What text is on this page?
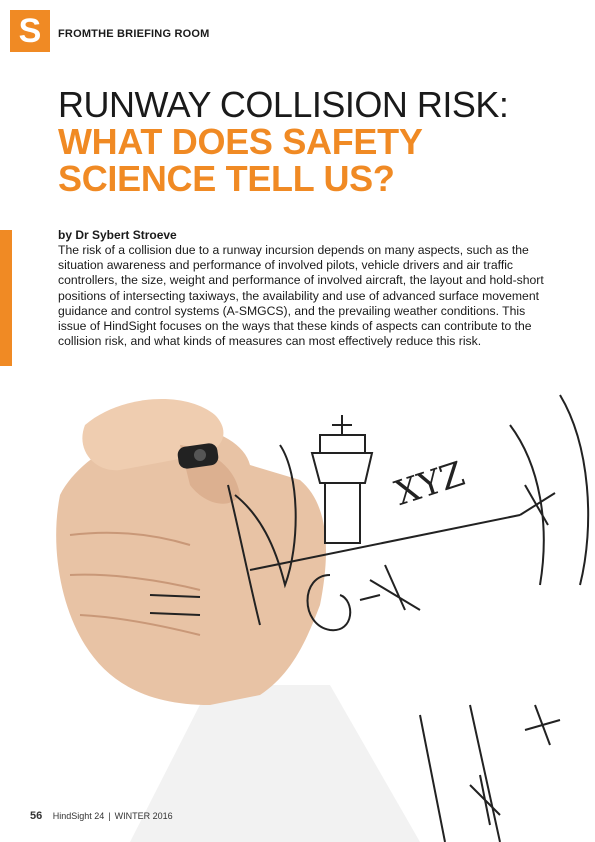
S	FROMTHE BRIEFING ROOM
RUNWAY COLLISION RISK:
WHAT DOES SAFETY
SCIENCE TELL US?
by Dr Sybert Stroeve

The risk of a collision due to a runway incursion depends on many aspects, such as the situation awareness and performance of involved pilots, vehicle drivers and air traffic controllers, the size, weight and performance of involved aircraft, the layout and hold-short positions of intersecting taxiways, the availability and use of advanced surface movement guidance and control systems (A-SMGCS), and the prevailing weather conditions. This issue of HindSight focuses on the ways that these kinds of aspects can contribute to the collision risk, and what kinds of measures can most effectively reduce this risk.

XYZ
56 HindSight 24 | WINTER 2016
